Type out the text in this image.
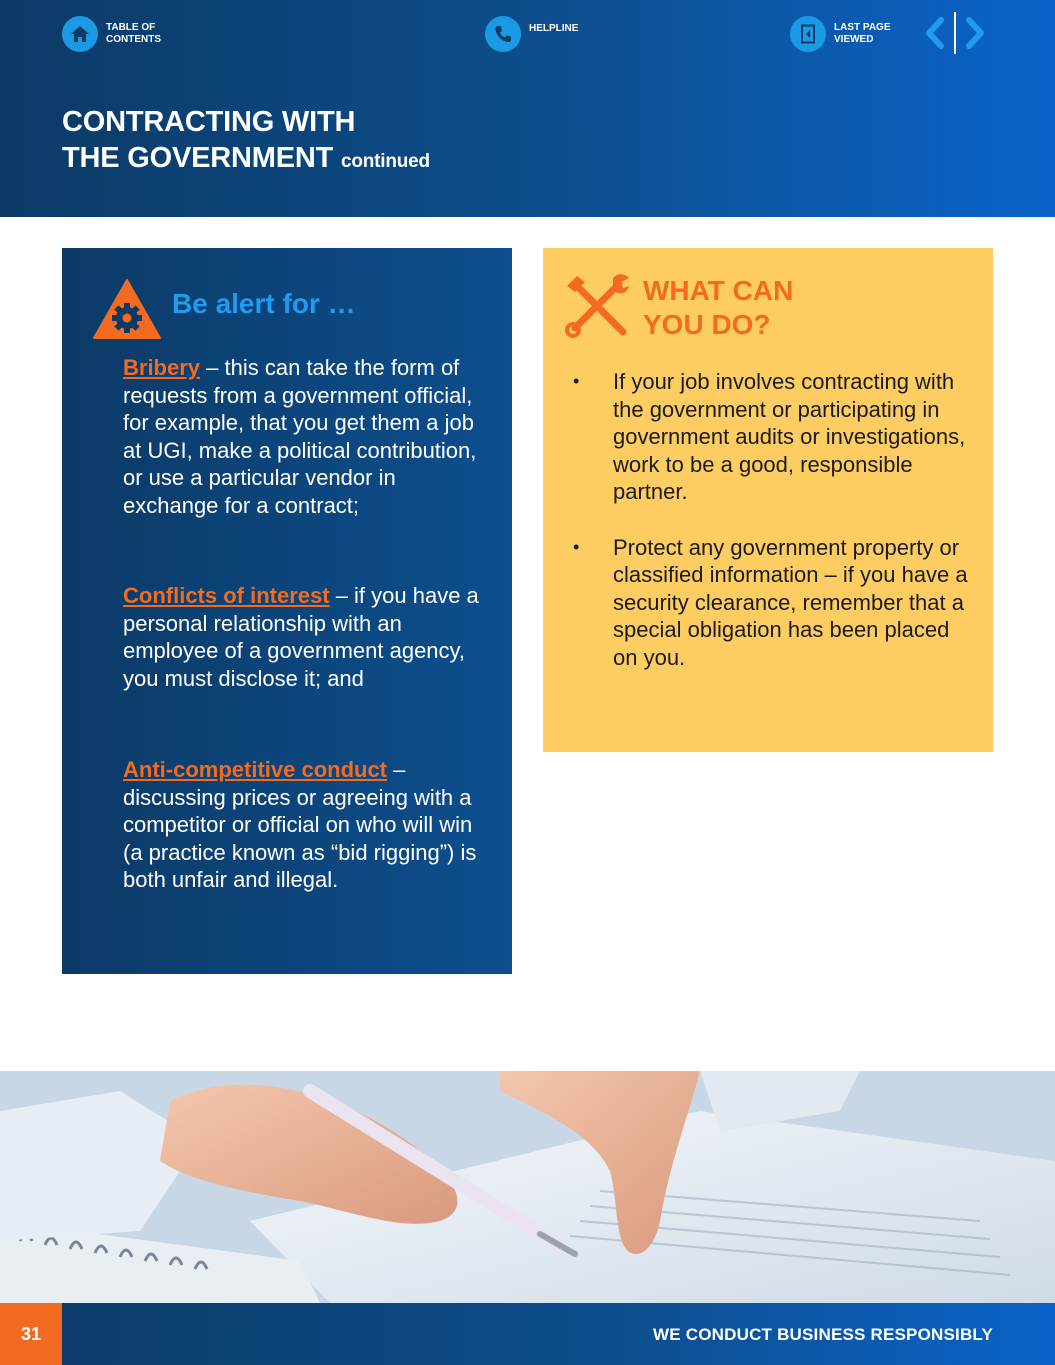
TABLE OF
CONTENTS
HELPLINE	LAST PAGE
VIEWED
CONTRACTING WITH
THE GOVERNMENT continued
Be alert for …
Bribery – this can take the form of requests from a government official, for example, that you get them a job at UGI, make a political contribution, or use a particular vendor in exchange for a contract;
Conflicts of interest – if you have a personal relationship with an employee of a government agency, you must disclose it; and
Anti-competitive conduct – discussing prices or agreeing with a competitor or official on who will win (a practice known as “bid rigging”) is both unfair and illegal.
WHAT CAN
YOU DO?
• If your job involves contracting with the government or participating in government audits or investigations, work to be a good, responsible partner.
• Protect any government property or classified information – if you have a security clearance, remember that a special obligation has been placed on you.
31	WE CONDUCT BUSINESS RESPONSIBLY
